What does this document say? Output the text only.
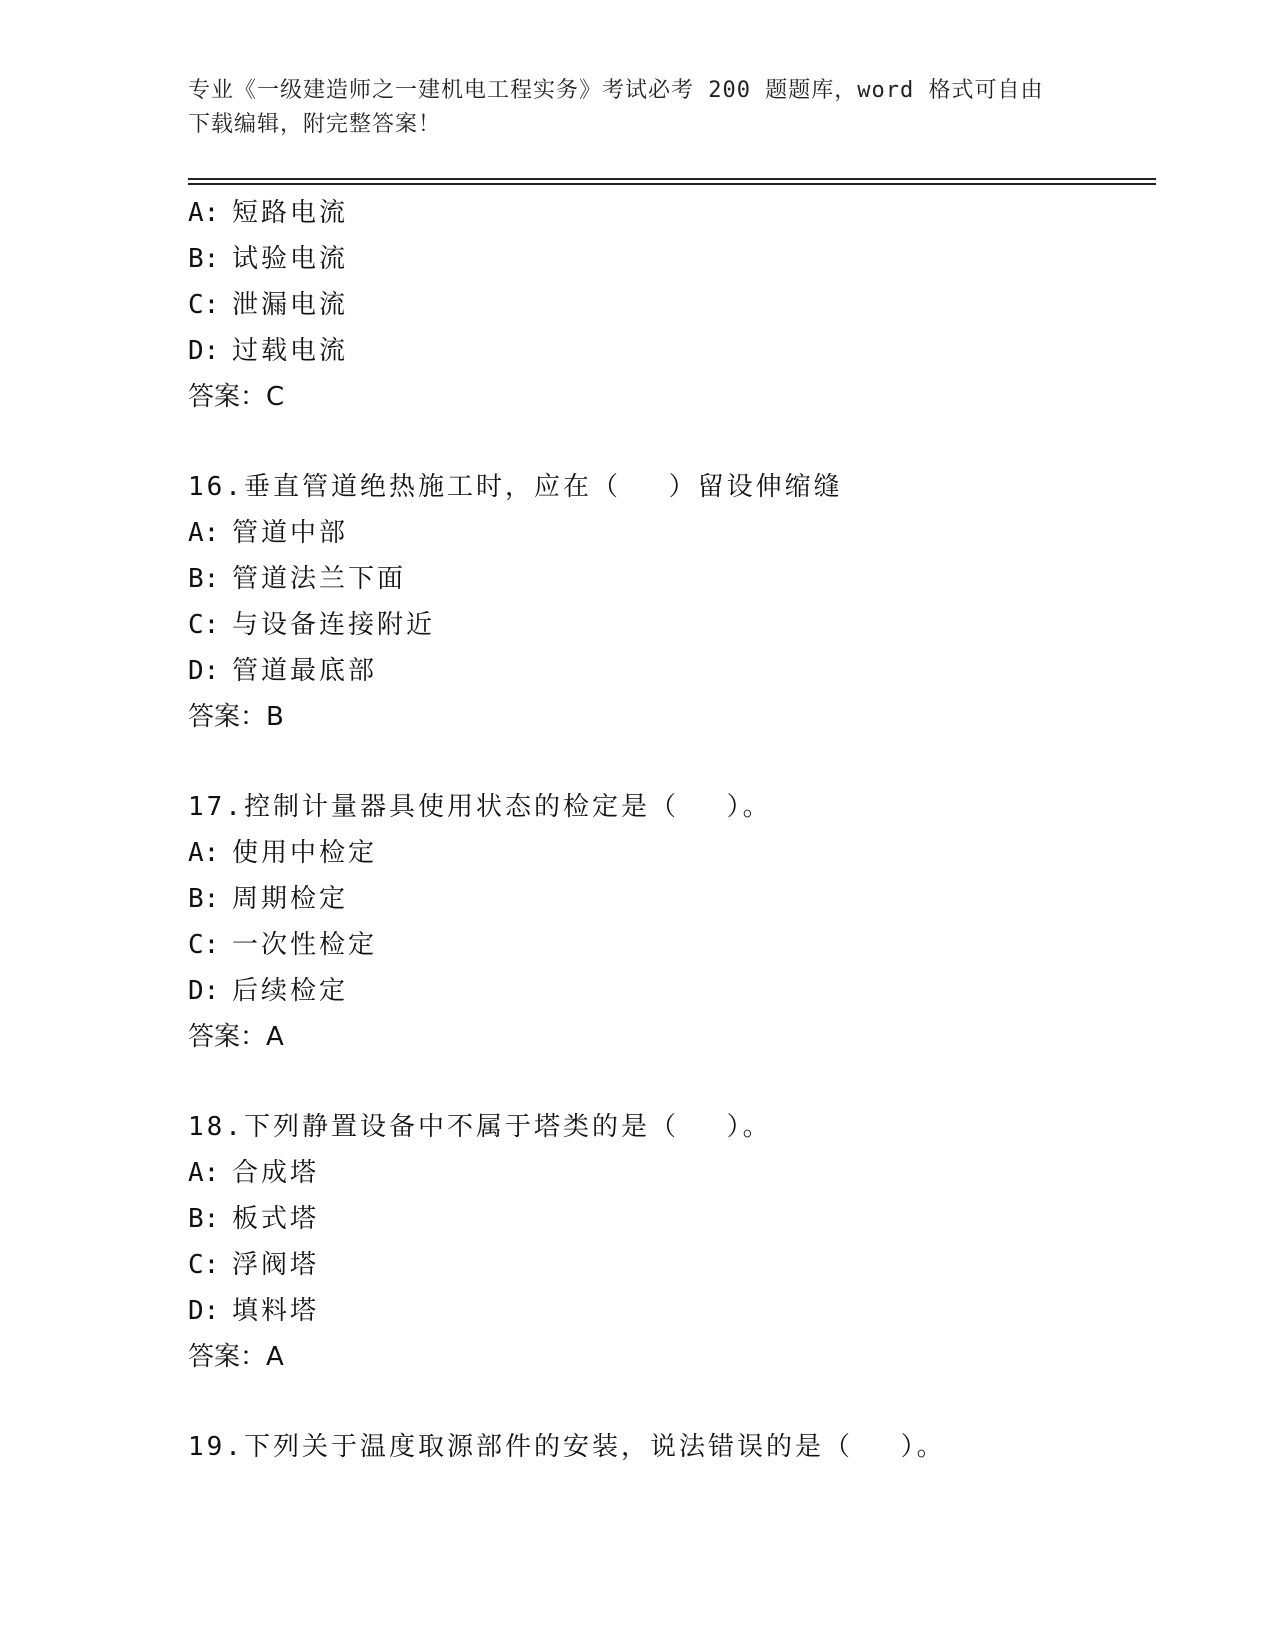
专业《一级建造师之一建机电工程实务》考试必考 200 题题库，word 格式可自由
下载编辑，附完整答案！
A: 短路电流
B: 试验电流
C: 泄漏电流
D: 过载电流
答案：C
16.垂直管道绝热施工时，应在（　 ）留设伸缩缝
A: 管道中部
B: 管道法兰下面
C: 与设备连接附近
D: 管道最底部
答案：B
17.控制计量器具使用状态的检定是（　 ）。
A: 使用中检定
B: 周期检定
C: 一次性检定
D: 后续检定
答案：A
18.下列静置设备中不属于塔类的是（　 ）。
A: 合成塔
B: 板式塔
C: 浮阀塔
D: 填料塔
答案：A
19.下列关于温度取源部件的安装，说法错误的是（　 ）。
